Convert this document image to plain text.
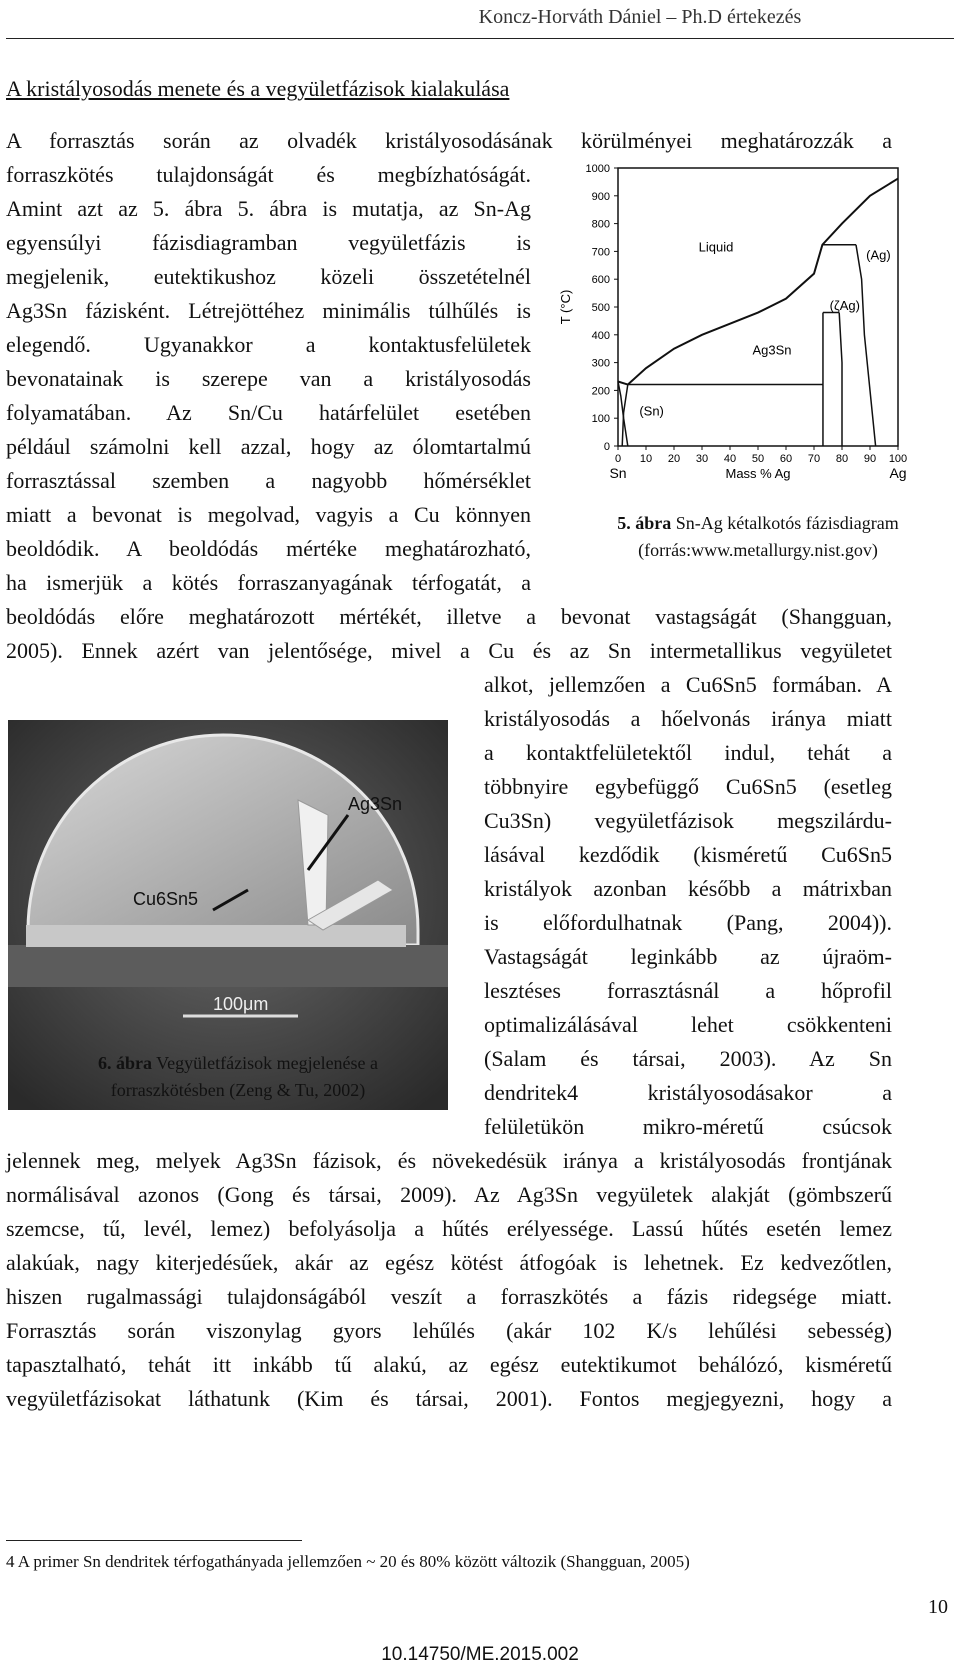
Koncz-Horváth Dániel – Ph.D értekezés
A kristályosodás menete és a vegyületfázisok kialakulása
A forrasztás során az olvadék kristályosodásának körülményei meghatározzák a
forraszkötés tulajdonságát és megbízhatóságát.
Amint azt az 5. ábra 5. ábra is mutatja, az Sn-Ag
egyensúlyi fázisdiagramban vegyületfázis is
megjelenik, eutektikushoz közeli összetételnél
Ag3Sn fázisként. Létrejöttéhez minimális túlhűlés is
elegendő. Ugyanakkor a kontaktusfelületek
bevonatainak is szerepe van a kristályosodás
folyamatában. Az Sn/Cu határfelület esetében
például számolni kell azzal, hogy az ólomtartalmú
forrasztással szemben a nagyobb hőmérséklet
miatt a bevonat is megolvad, vagyis a Cu könnyen
beoldódik. A beoldódás mértéke meghatározható,
ha ismerjük a kötés forraszanyagának térfogatát, a
beoldódás előre meghatározott mértékét, illetve a bevonat vastagságát (Shangguan,
2005). Ennek azért van jelentősége, mivel a Cu és az Sn intermetallikus vegyületet
alkot, jellemzően a Cu6Sn5 formában. A
kristályosodás a hőelvonás iránya miatt
a kontaktfelületektől indul, tehát a
többnyire egybefüggő Cu6Sn5 (esetleg
Cu3Sn) vegyületfázisok megszilárdu-
lásával kezdődik (kisméretű Cu6Sn5
kristályok azonban később a mátrixban
is előfordulhatnak (Pang, 2004)).
Vastagságát leginkább az újraöm-
lesztéses forrasztásnál a hőprofil
optimalizálásával lehet csökkenteni
(Salam és társai, 2003). Az Sn
dendritek4 kristályosodásakor a
felületükön mikro-méretű csúcsok
jelennek meg, melyek Ag3Sn fázisok, és növekedésük iránya a kristályosodás frontjának
normálisával azonos (Gong és társai, 2009). Az Ag3Sn vegyületek alakját (gömbszerű
szemcse, tű, levél, lemez) befolyásolja a hűtés erélyessége. Lassú hűtés esetén lemez
alakúak, nagy kiterjedésűek, akár az egész kötést átfogóak is lehetnek. Ez kedvezőtlen,
hiszen rugalmassági tulajdonságából veszít a forraszkötés a fázis ridegsége miatt.
Forrasztás során viszonylag gyors lehűlés (akár 102 K/s lehűlési sebesség)
tapasztalható, tehát itt inkább tű alakú, az egész eutektikumot behálózó, kisméretű
vegyületfázisokat láthatunk (Kim és társai, 2001). Fontos megjegyezni, hogy a
0
100
200
300
400
500
600
700
800
900
1000
0 10 20 30 40 50 60 70 80 90 100
Sn	Ag
Mass % Ag
T (°C)
Liquid
(Ag)
(ζAg)
Ag3Sn
(Sn)
5. ábra Sn-Ag kétalkotós fázisdiagram
(forrás:www.metallurgy.nist.gov)
Ag3Sn
Cu6Sn5
100μm
6. ábra Vegyületfázisok megjelenése a
forraszkötésben (Zeng & Tu, 2002)
4 A primer Sn dendritek térfogathányada jellemzően ~ 20 és 80% között változik (Shangguan, 2005)
10
10.14750/ME.2015.002
